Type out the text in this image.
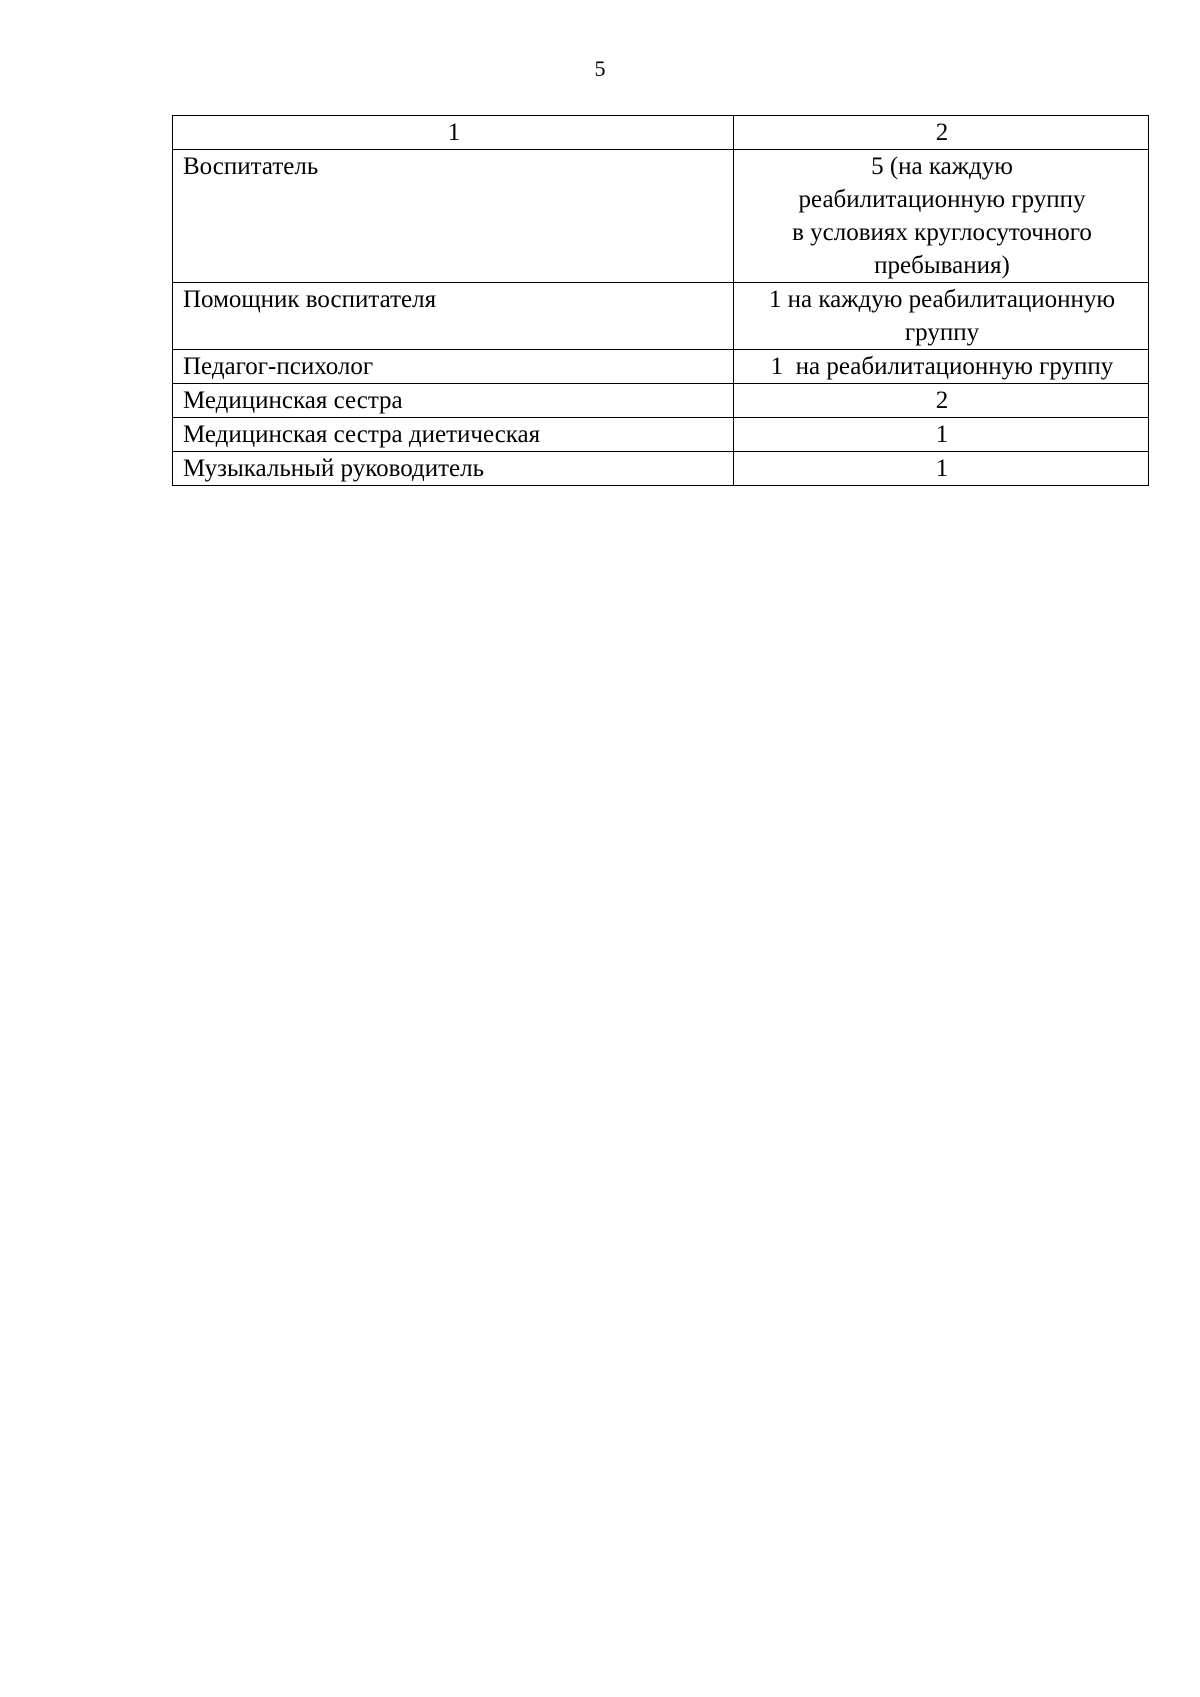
5
1	2
Воспитатель	5 (на каждую
реабилитационную группу
в условиях круглосуточного
пребывания)

Помощник воспитателя	1 на каждую реабилитационную
группу

Педагог-психолог	1  на реабилитационную группу

Медицинская сестра	2

Медицинская сестра диетическая	1

Музыкальный руководитель	1
